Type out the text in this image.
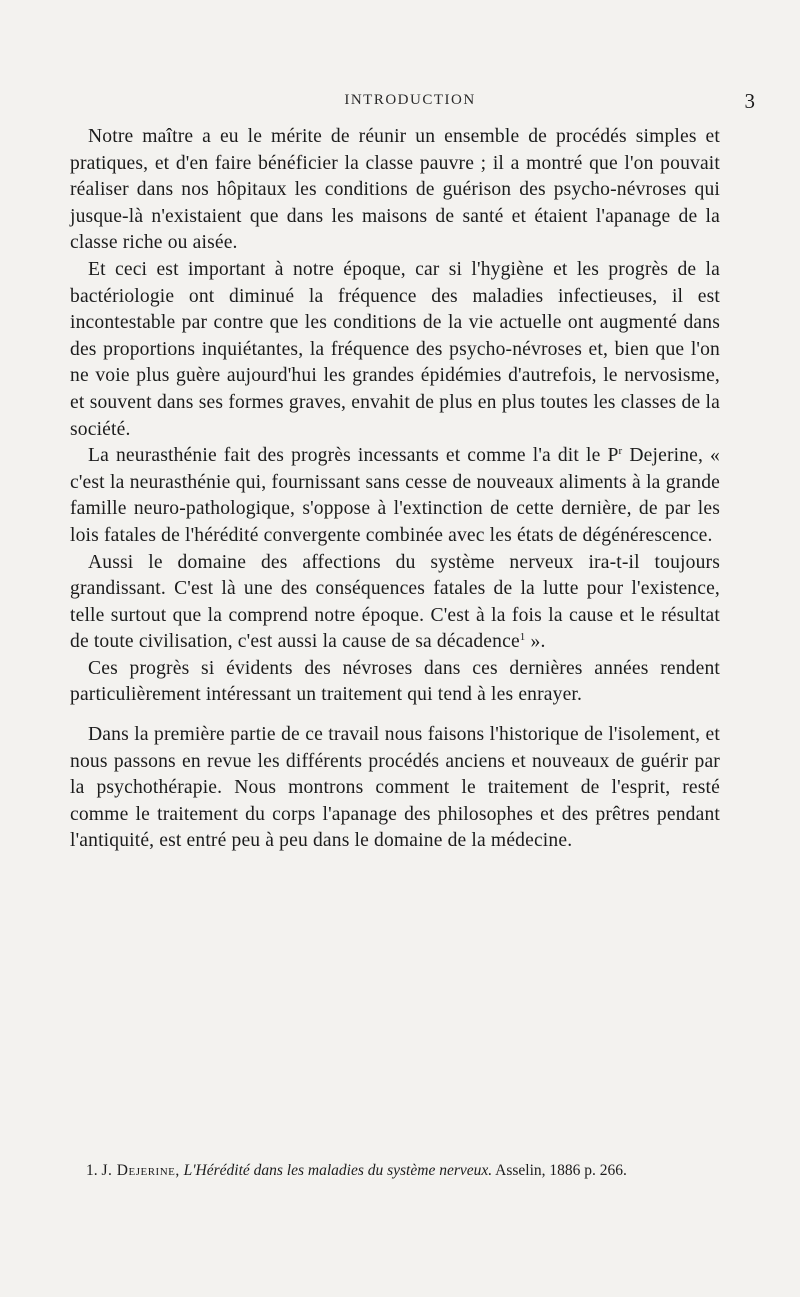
INTRODUCTION	3

Notre maître a eu le mérite de réunir un ensemble de procédés simples et pratiques, et d'en faire bénéficier la classe pauvre ; il a montré que l'on pouvait réaliser dans nos hôpitaux les conditions de guérison des psycho-névroses qui jusque-là n'existaient que dans les maisons de santé et étaient l'apanage de la classe riche ou aisée.

Et ceci est important à notre époque, car si l'hygiène et les progrès de la bactériologie ont diminué la fréquence des maladies infectieuses, il est incontestable par contre que les conditions de la vie actuelle ont augmenté dans des proportions inquiétantes, la fréquence des psycho-névroses et, bien que l'on ne voie plus guère aujourd'hui les grandes épidémies d'autrefois, le nervosisme, et souvent dans ses formes graves, envahit de plus en plus toutes les classes de la société.

La neurasthénie fait des progrès incessants et comme l'a dit le $P^r$ Dejerine, « c'est la neurasthénie qui, fournissant sans cesse de nouveaux aliments à la grande famille neuro-pathologique, s'oppose à l'extinction de cette dernière, de par les lois fatales de l'hérédité convergente combinée avec les états de dégénérescence.

Aussi le domaine des affections du système nerveux ira-t-il toujours grandissant. C'est là une des conséquences fatales de la lutte pour l'existence, telle surtout que la comprend notre époque. C'est à la fois la cause et le résultat de toute civilisation, c'est aussi la cause de sa décadence$^1$ ».

Ces progrès si évidents des névroses dans ces dernières années rendent particulièrement intéressant un traitement qui tend à les enrayer.

Dans la première partie de ce travail nous faisons l'historique de l'isolement, et nous passons en revue les différents procédés anciens et nouveaux de guérir par la psychothérapie. Nous montrons comment le traitement de l'esprit, resté comme le traitement du corps l'apanage des philosophes et des prêtres pendant l'antiquité, est entré peu à peu dans le domaine de la médecine.

1. J. Dejerine, L'Hérédité dans les maladies du système nerveux. Asselin, 1886 p. 266.
